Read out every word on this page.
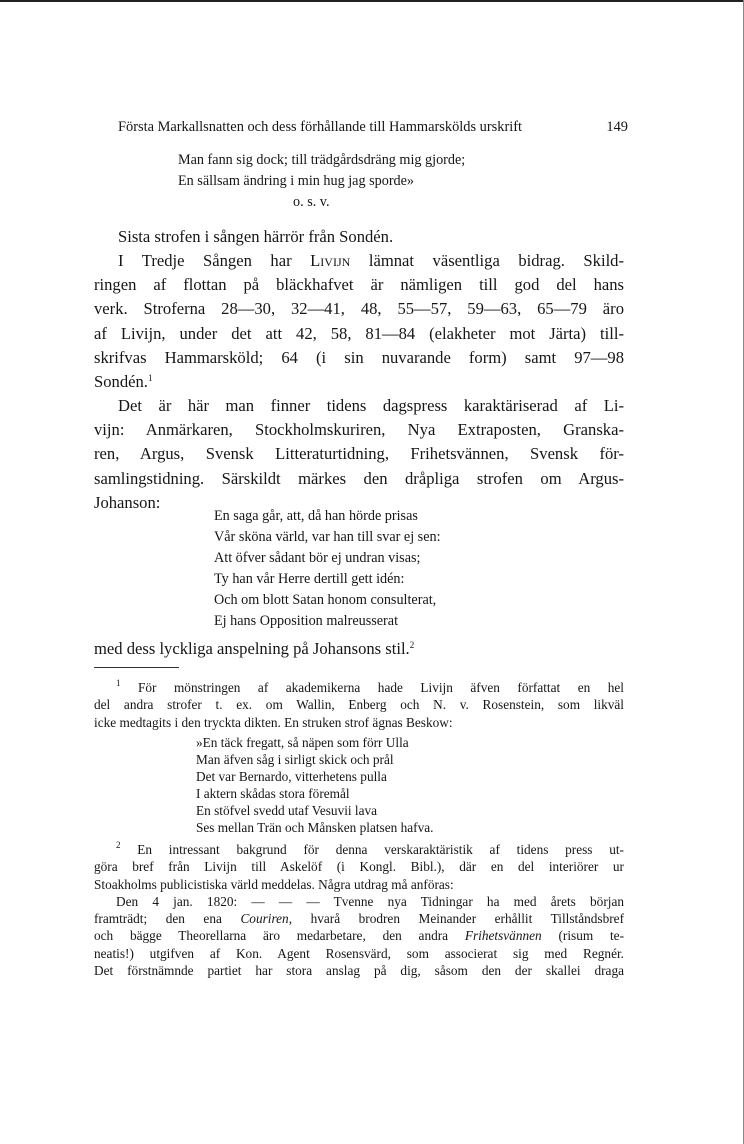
Första Markallsnatten och dess förhållande till Hammarskölds urskrift	149
Man fann sig dock; till trädgårdsdräng mig gjorde;
En sällsam ändring i min hug jag sporde»
o. s. v.
Sista strofen i sången härrör från Sondén.
I Tredje Sången har Livijn lämnat väsentliga bidrag. Skild-
ringen af flottan på bläckhafvet är nämligen till god del hans
verk. Stroferna 28—30, 32—41, 48, 55—57, 59—63, 65—79 äro
af Livijn, under det att 42, 58, 81—84 (elakheter mot Järta) till-
skrifvas Hammarsköld; 64 (i sin nuvarande form) samt 97—98
Sondén.$^1$
Det är här man finner tidens dagspress karaktäriserad af Li-
vijn: Anmärkaren, Stockholmskuriren, Nya Extraposten, Granska-
ren, Argus, Svensk Litteraturtidning, Frihetsvännen, Svensk för-
samlingstidning. Särskildt märkes den dråpliga strofen om Argus-
Johanson:
En saga går, att, då han hörde prisas
Vår sköna värld, var han till svar ej sen:
Att öfver sådant bör ej undran visas;
Ty han vår Herre dertill gett idén:
Och om blott Satan honom consulterat,
Ej hans Opposition malreusserat
med dess lyckliga anspelning på Johansons stil.$^2$
$^1$ För mönstringen af akademikerna hade Livijn äfven författat en hel
del andra strofer t. ex. om Wallin, Enberg och N. v. Rosenstein, som likväl
icke medtagits i den tryckta dikten. En struken strof ägnas Beskow:
»En täck fregatt, så näpen som förr Ulla
Man äfven såg i sirligt skick och prål
Det var Bernardo, vitterhetens pulla
I aktern skådas stora föremål
En stöfvel svedd utaf Vesuvii lava
Ses mellan Trän och Månsken platsen hafva.
$^2$ En intressant bakgrund för denna verskaraktäristik af tidens press ut-
göra bref från Livijn till Askelöf (i Kongl. Bibl.), där en del interiörer ur
Stoakholms publicistiska värld meddelas. Några utdrag må anföras:
Den 4 jan. 1820: — — — Tvenne nya Tidningar ha med årets början
framträdt; den ena Couriren, hvarå brodren Meinander erhållit Tillståndsbref
och bägge Theorellarna äro medarbetare, den andra Frihetsvännen (risum te-
neatis!) utgifven af Kon. Agent Rosensvärd, som associerat sig med Regnér.
Det förstnämnde partiet har stora anslag på dig, såsom den der skallei draga
